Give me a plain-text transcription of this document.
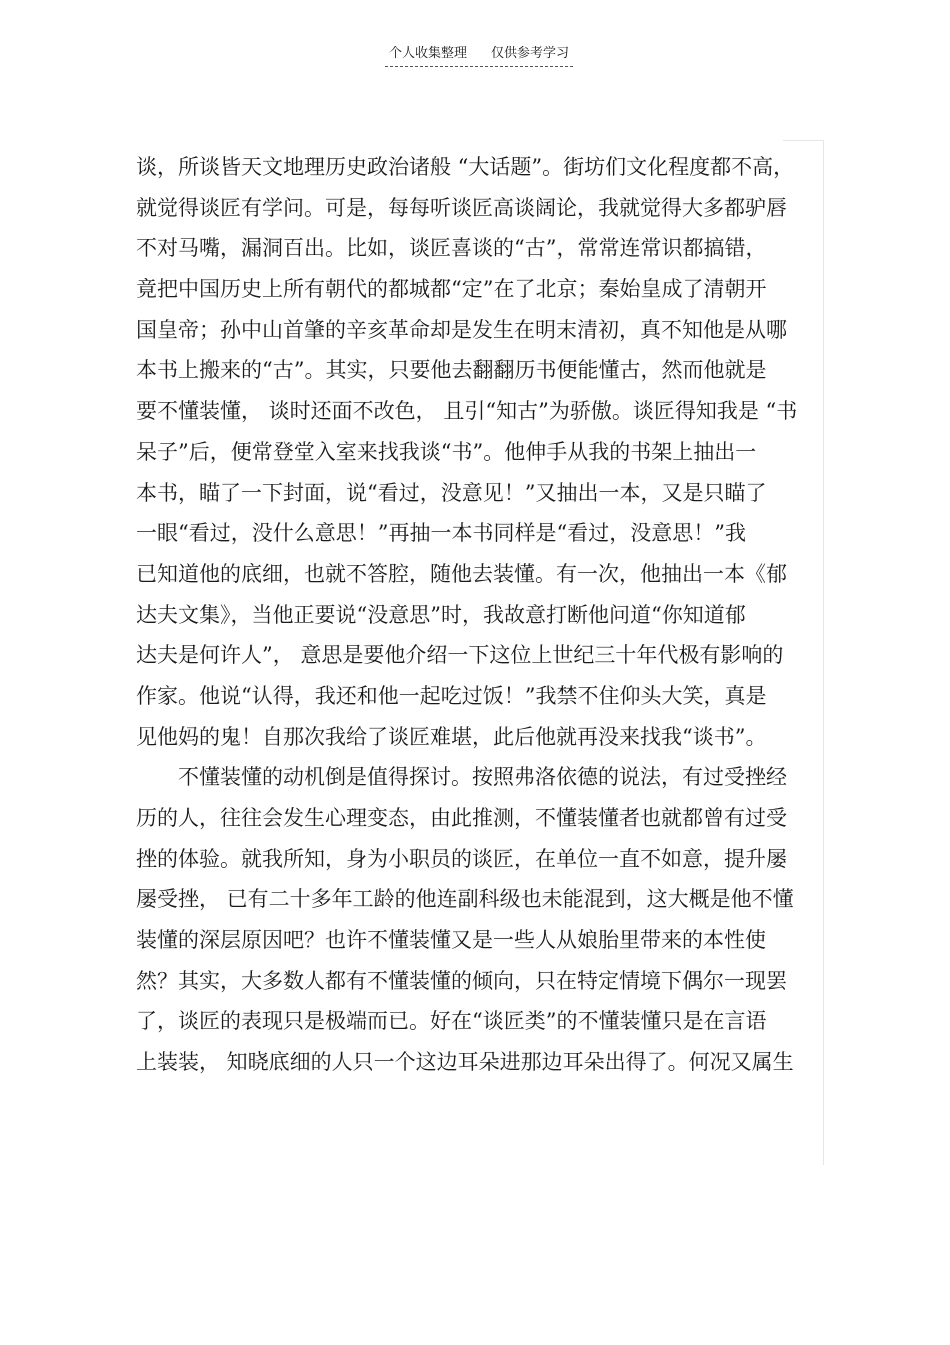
个人收集整理 仅供参考学习
谈，所谈皆天文地理历史政治诸般 “大话题”。街坊们文化程度都不高，
就觉得谈匠有学问。可是，每每听谈匠高谈阔论，我就觉得大多都驴唇
不对马嘴，漏洞百出。比如，谈匠喜谈的“古”，常常连常识都搞错，
竟把中国历史上所有朝代的都城都“定”在了北京；秦始皇成了清朝开
国皇帝；孙中山首肇的辛亥革命却是发生在明末清初，真不知他是从哪
本书上搬来的“古”。其实，只要他去翻翻历书便能懂古，然而他就是
要不懂装懂， 谈时还面不改色， 且引“知古”为骄傲。谈匠得知我是 “书
呆子”后，便常登堂入室来找我谈“书”。他伸手从我的书架上抽出一
本书，瞄了一下封面，说“看过，没意见！”又抽出一本，又是只瞄了
一眼“看过，没什么意思！”再抽一本书同样是“看过，没意思！”我
已知道他的底细，也就不答腔，随他去装懂。有一次，他抽出一本《郁
达夫文集》，当他正要说“没意思”时，我故意打断他问道“你知道郁
达夫是何许人”， 意思是要他介绍一下这位上世纪三十年代极有影响的
作家。他说“认得，我还和他一起吃过饭！”我禁不住仰头大笑，真是
见他妈的鬼！自那次我给了谈匠难堪，此后他就再没来找我“谈书”。
不懂装懂的动机倒是值得探讨。按照弗洛依德的说法，有过受挫经
历的人，往往会发生心理变态，由此推测，不懂装懂者也就都曾有过受
挫的体验。就我所知，身为小职员的谈匠，在单位一直不如意，提升屡
屡受挫， 已有二十多年工龄的他连副科级也未能混到，这大概是他不懂
装懂的深层原因吧？也许不懂装懂又是一些人从娘胎里带来的本性使
然？其实，大多数人都有不懂装懂的倾向，只在特定情境下偶尔一现罢
了，谈匠的表现只是极端而已。好在“谈匠类”的不懂装懂只是在言语
上装装， 知晓底细的人只一个这边耳朵进那边耳朵出得了。何况又属生
